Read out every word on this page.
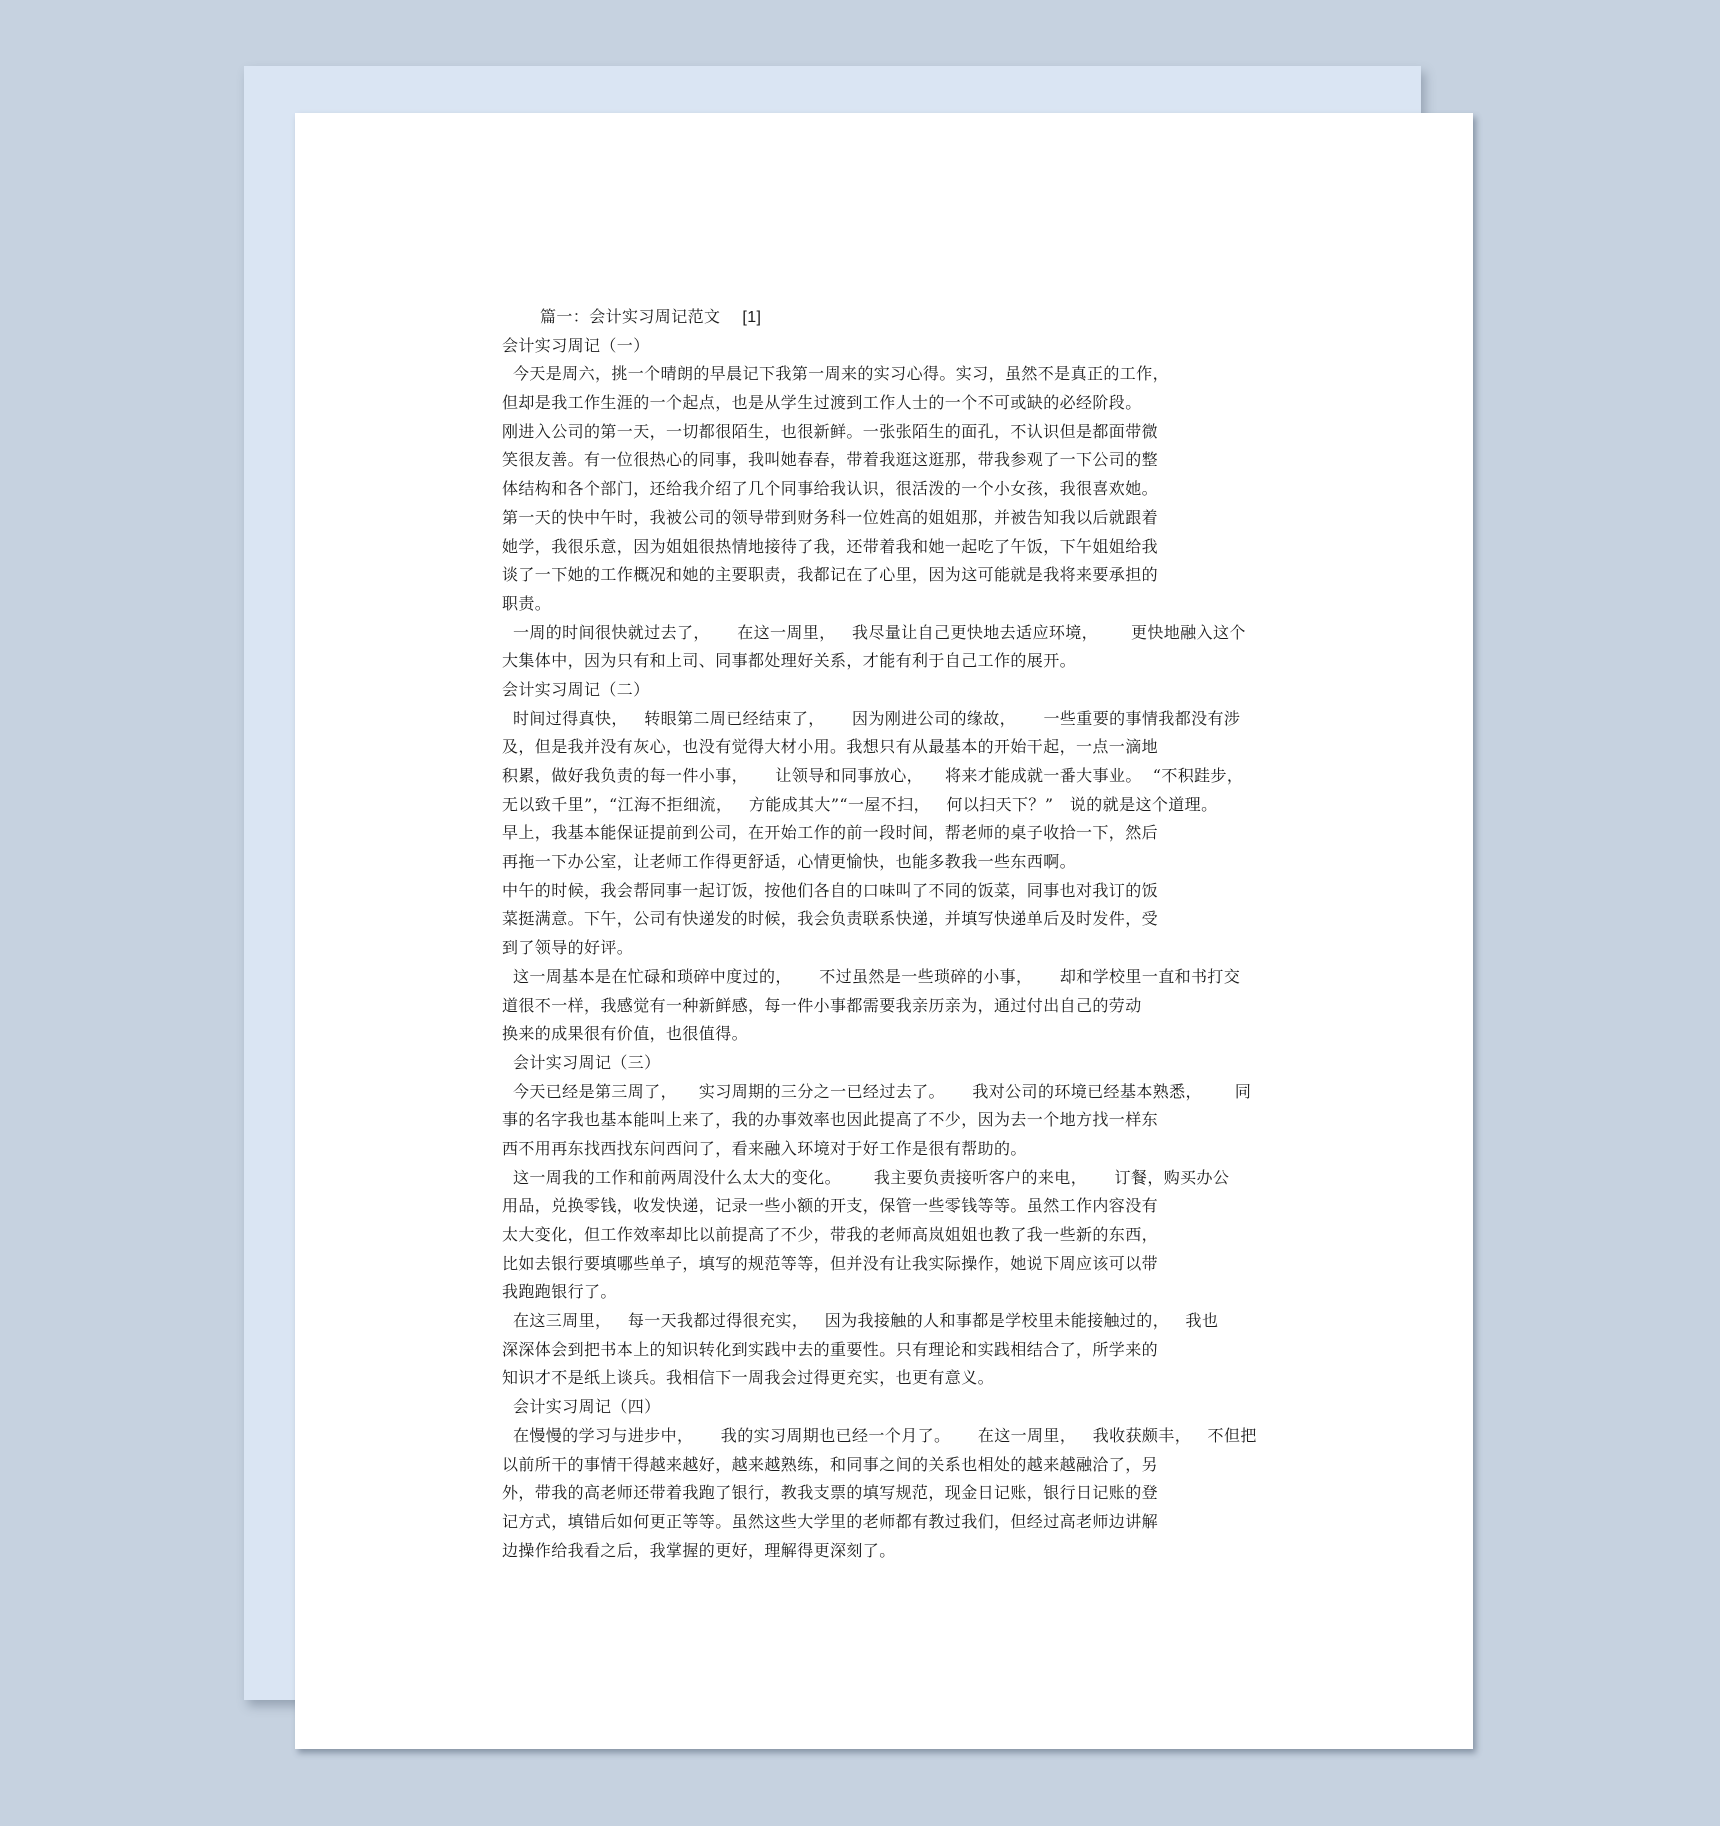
篇一：会计实习周记范文 [1]
会计实习周记（一）
今天是周六，挑一个晴朗的早晨记下我第一周来的实习心得。实习，虽然不是真正的工作，
但却是我工作生涯的一个起点，也是从学生过渡到工作人士的一个不可或缺的必经阶段。
刚进入公司的第一天，一切都很陌生，也很新鲜。一张张陌生的面孔，不认识但是都面带微
笑很友善。有一位很热心的同事，我叫她春春，带着我逛这逛那，带我参观了一下公司的整
体结构和各个部门，还给我介绍了几个同事给我认识，很活泼的一个小女孩，我很喜欢她。
第一天的快中午时，我被公司的领导带到财务科一位姓高的姐姐那，并被告知我以后就跟着
她学，我很乐意，因为姐姐很热情地接待了我，还带着我和她一起吃了午饭，下午姐姐给我
谈了一下她的工作概况和她的主要职责，我都记在了心里，因为这可能就是我将来要承担的
职责。
一周的时间很快就过去了，     在这一周里，   我尽量让自己更快地去适应环境，      更快地融入这个
大集体中，因为只有和上司、同事都处理好关系，才能有利于自己工作的展开。
会计实习周记（二）
时间过得真快，   转眼第二周已经结束了，     因为刚进公司的缘故，     一些重要的事情我都没有涉
及，但是我并没有灰心，也没有觉得大材小用。我想只有从最基本的开始干起，一点一滴地
积累，做好我负责的每一件小事，     让领导和同事放心，    将来才能成就一番大事业。  “不积跬步，
无以致千里”，“江海不拒细流，   方能成其大”“一屋不扫，   何以扫天下？”   说的就是这个道理。
早上，我基本能保证提前到公司，在开始工作的前一段时间，帮老师的桌子收拾一下，然后
再拖一下办公室，让老师工作得更舒适，心情更愉快，也能多教我一些东西啊。
中午的时候，我会帮同事一起订饭，按他们各自的口味叫了不同的饭菜，同事也对我订的饭
菜挺满意。下午，公司有快递发的时候，我会负责联系快递，并填写快递单后及时发件，受
到了领导的好评。
这一周基本是在忙碌和琐碎中度过的，     不过虽然是一些琐碎的小事，     却和学校里一直和书打交
道很不一样，我感觉有一种新鲜感，每一件小事都需要我亲历亲为，通过付出自己的劳动
换来的成果很有价值，也很值得。
会计实习周记（三）
今天已经是第三周了，    实习周期的三分之一已经过去了。     我对公司的环境已经基本熟悉，      同
事的名字我也基本能叫上来了，我的办事效率也因此提高了不少，因为去一个地方找一样东
西不用再东找西找东问西问了，看来融入环境对于好工作是很有帮助的。
这一周我的工作和前两周没什么太大的变化。      我主要负责接听客户的来电，     订餐，购买办公
用品，兑换零钱，收发快递，记录一些小额的开支，保管一些零钱等等。虽然工作内容没有
太大变化，但工作效率却比以前提高了不少，带我的老师高岚姐姐也教了我一些新的东西，
比如去银行要填哪些单子，填写的规范等等，但并没有让我实际操作，她说下周应该可以带
我跑跑银行了。
在这三周里，   每一天我都过得很充实，   因为我接触的人和事都是学校里未能接触过的，   我也
深深体会到把书本上的知识转化到实践中去的重要性。只有理论和实践相结合了，所学来的
知识才不是纸上谈兵。我相信下一周我会过得更充实，也更有意义。
会计实习周记（四）
在慢慢的学习与进步中，     我的实习周期也已经一个月了。     在这一周里，   我收获颇丰，   不但把
以前所干的事情干得越来越好，越来越熟练，和同事之间的关系也相处的越来越融洽了，另
外，带我的高老师还带着我跑了银行，教我支票的填写规范，现金日记账，银行日记账的登
记方式，填错后如何更正等等。虽然这些大学里的老师都有教过我们，但经过高老师边讲解
边操作给我看之后，我掌握的更好，理解得更深刻了。
